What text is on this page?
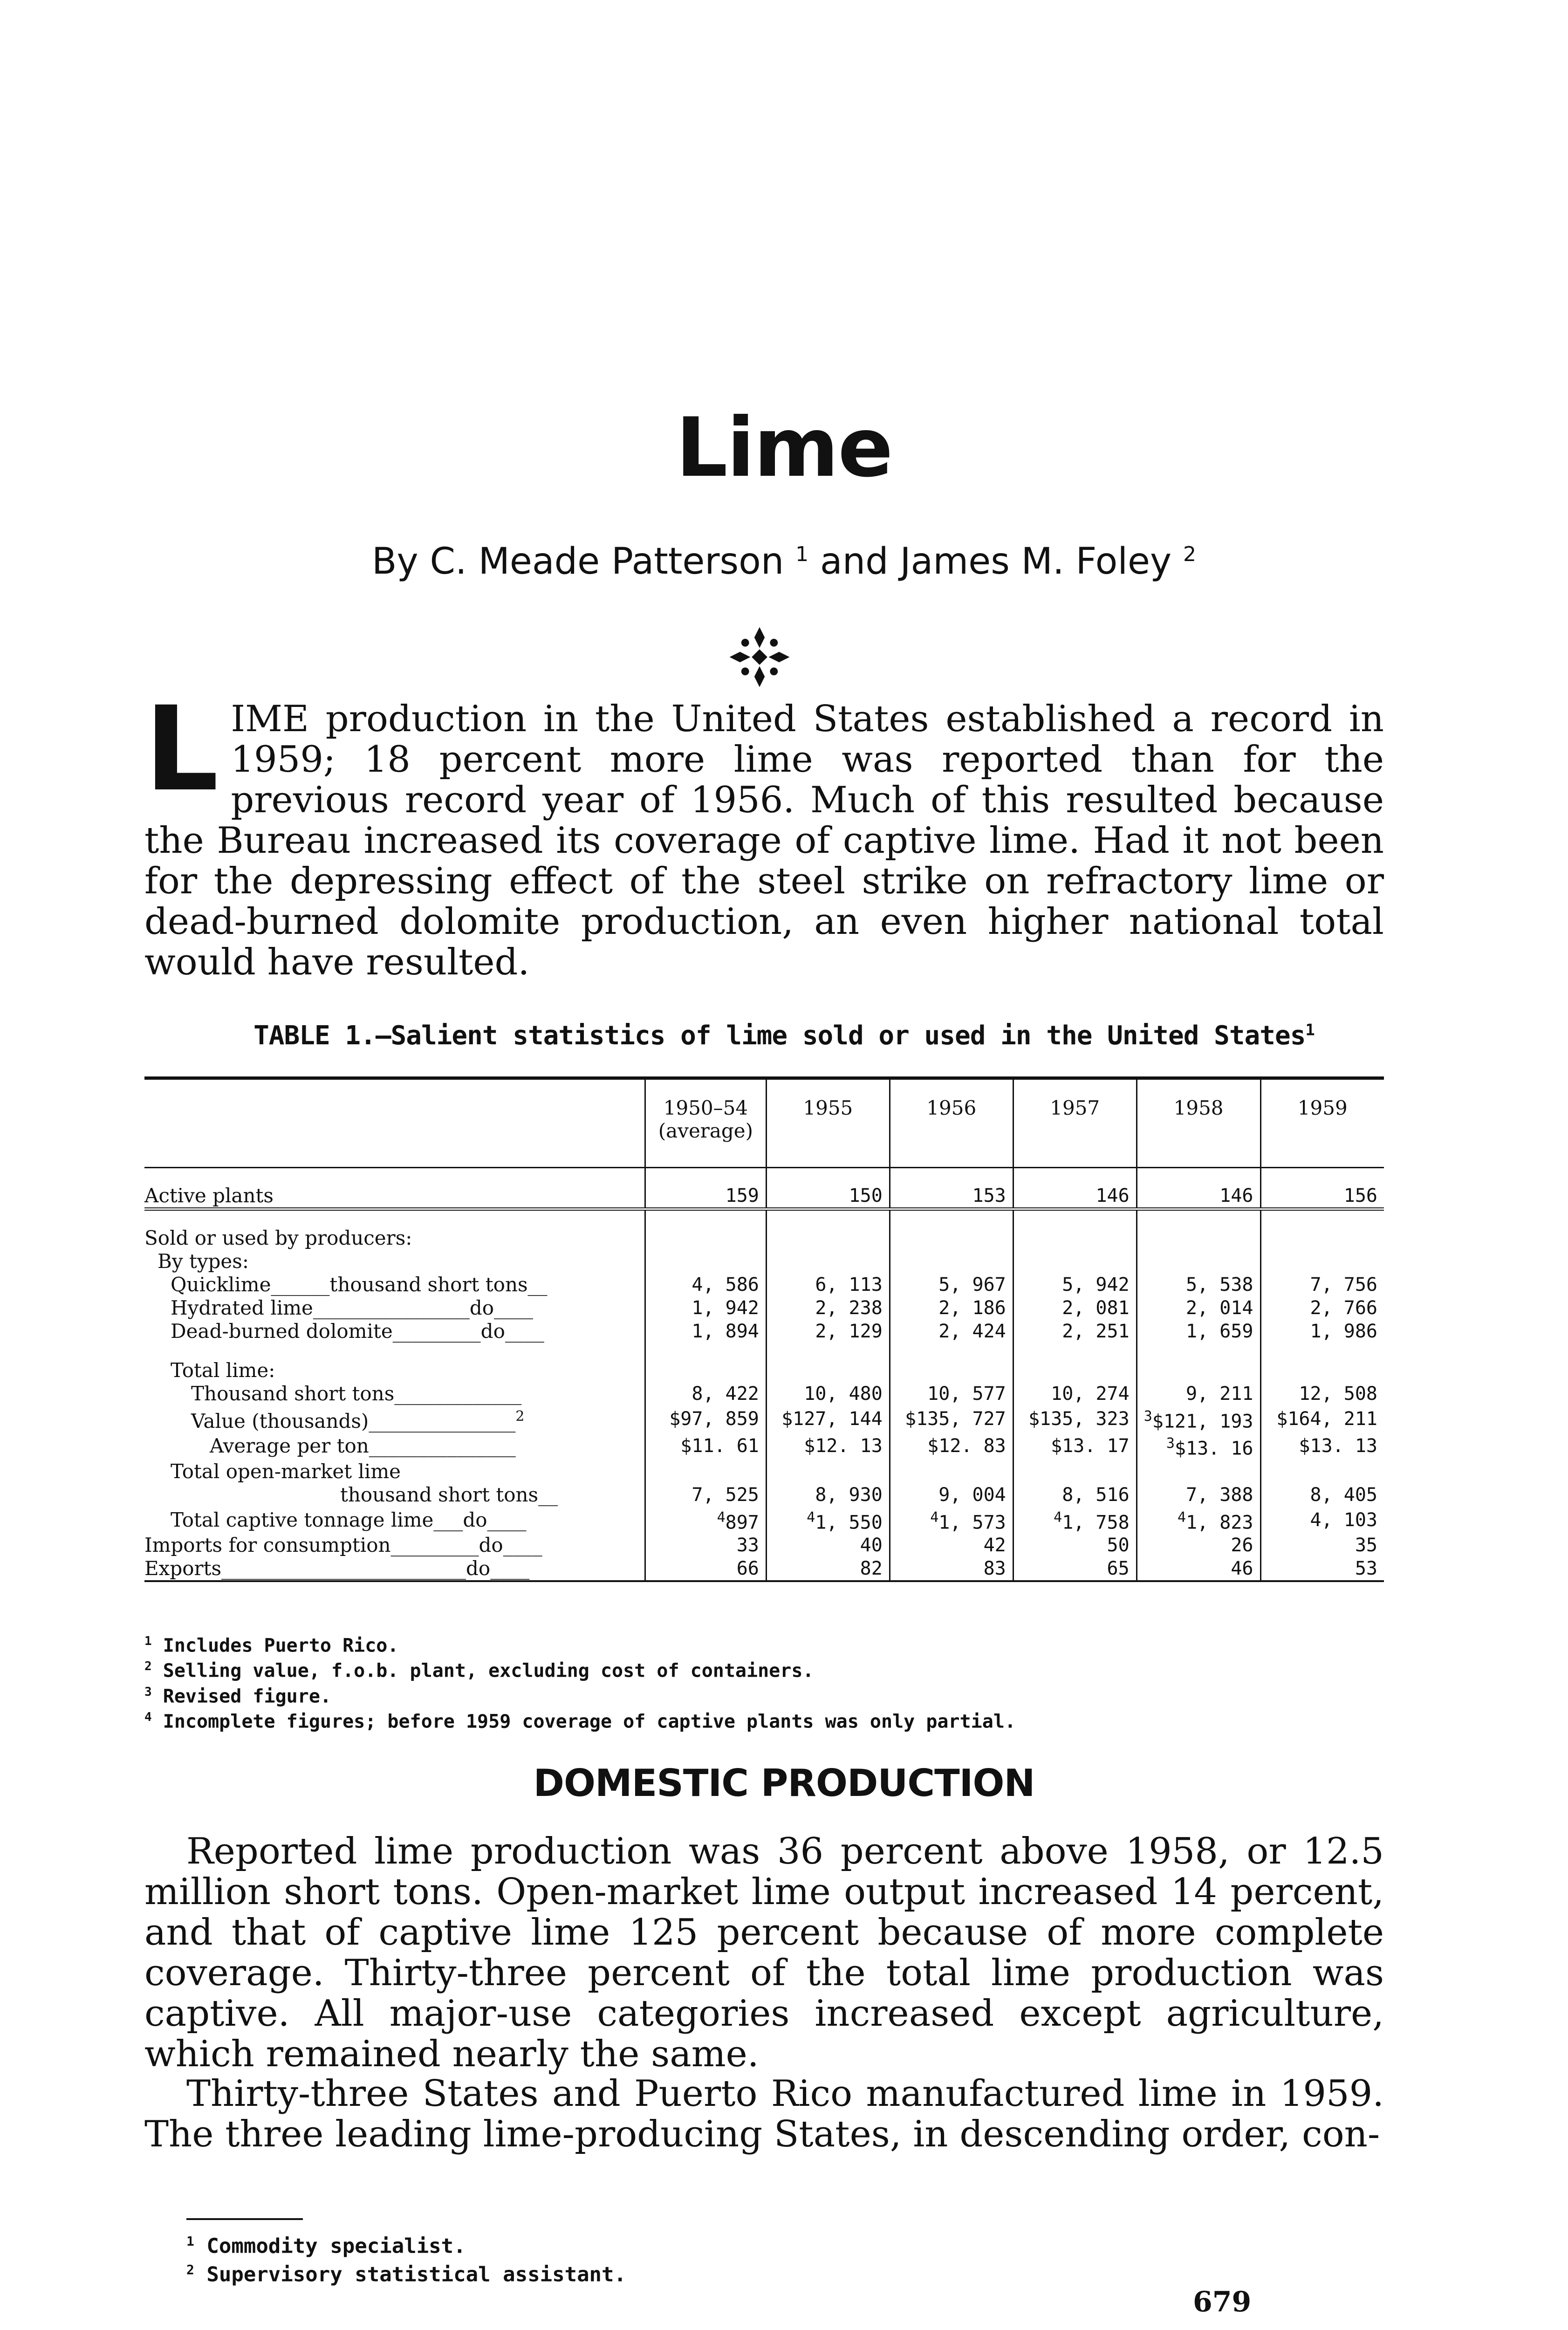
Lime
By C. Meade Patterson $^1$ and James M. Foley $^2$

LIME production in the United States established a record in 1959; 18 percent more lime was reported than for the previous record year of 1956. Much of this resulted because the Bureau increased its coverage of captive lime. Had it not been for the depressing effect of the steel strike on refractory lime or dead-burned dolomite production, an even higher national total would have resulted.

TABLE 1.—Salient statistics of lime sold or used in the United States$^1$
	1950–54 (average)	1955	1956	1957	1958	1959

Active plants	159	150	153	146	146	156

Sold or used by producers:						
By types:						
Quicklime______thousand short tons__	4, 586	6, 113	5, 967	5, 942	5, 538	7, 756
Hydrated lime________________do____	1, 942	2, 238	2, 186	2, 081	2, 014	2, 766
Dead-burned dolomite_________do____	1, 894	2, 129	2, 424	2, 251	1, 659	1, 986

Total lime:						
Thousand short tons_____________	8, 422	10, 480	10, 577	10, 274	9, 211	12, 508
Value (thousands)_______________$^2$	$97, 859	$127, 144	$135, 727	$135, 323	$^3$\$121, 193	$164, 211
Average per ton_______________	$11. 61	$12. 13	$12. 83	$13. 17	$^3$\$13. 16	$13. 13
Total open-market lime						
thousand short tons__	7, 525	8, 930	9, 004	8, 516	7, 388	8, 405
Total captive tonnage lime___do____	$^4$897	$^4$1, 550	$^4$1, 573	$^4$1, 758	$^4$1, 823	4, 103
Imports for consumption_________do____	33	40	42	50	26	35
Exports_________________________do____	66	82	83	65	46	53
$^1$ Includes Puerto Rico.
$^2$ Selling value, f.o.b. plant, excluding cost of containers.
$^3$ Revised figure.
$^4$ Incomplete figures; before 1959 coverage of captive plants was only partial.
DOMESTIC PRODUCTION

Reported lime production was 36 percent above 1958, or 12.5 million short tons. Open-market lime output increased 14 percent, and that of captive lime 125 percent because of more complete coverage. Thirty-three percent of the total lime production was captive. All major-use categories increased except agriculture, which remained nearly the same.

Thirty-three States and Puerto Rico manufactured lime in 1959. The three leading lime-producing States, in descending order, con-

$^1$ Commodity specialist.
$^2$ Supervisory statistical assistant.
679
